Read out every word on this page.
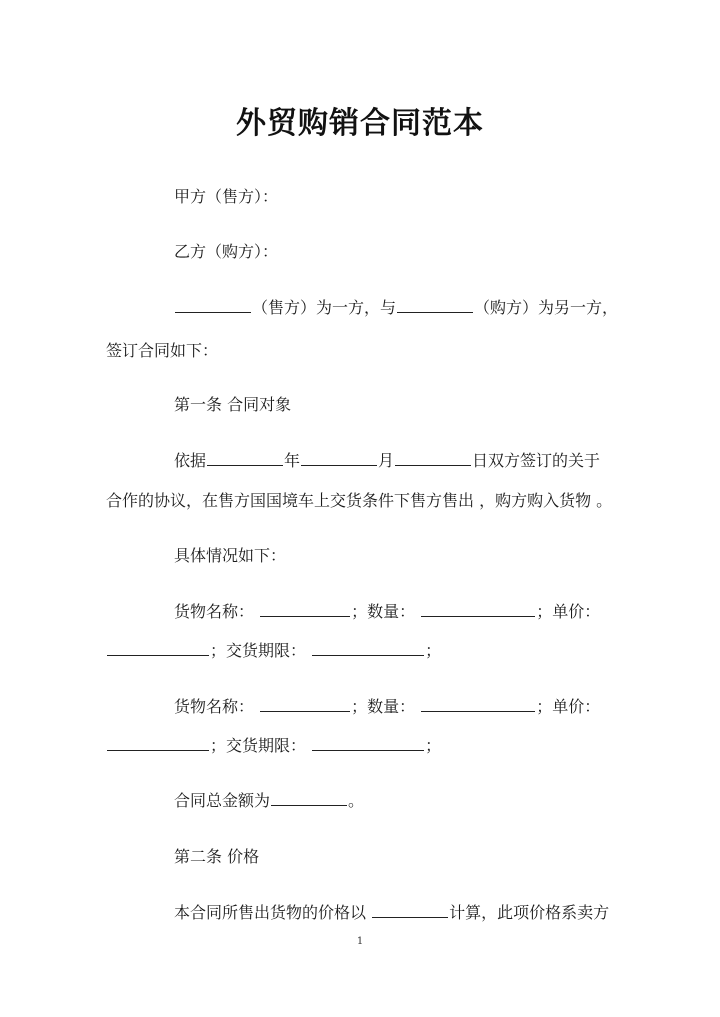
外贸购销合同范本
甲方（售方）：
乙方（购方）：
（售方）为一方，与	（购方）为另一方，
签订合同如下：
第一条 合同对象
依据	年	月	日双方签订的关于
合作的协议，在售方国国境车上交货条件下售方售出 ，购方购入货物 。
具体情况如下：
货物名称：	；数量：	；单价：
；交货期限：	；
货物名称：	；数量：	；单价：
；交货期限：	；
合同总金额为	。
第二条 价格
本合同所售出货物的价格以	计算，此项价格系卖方
1
